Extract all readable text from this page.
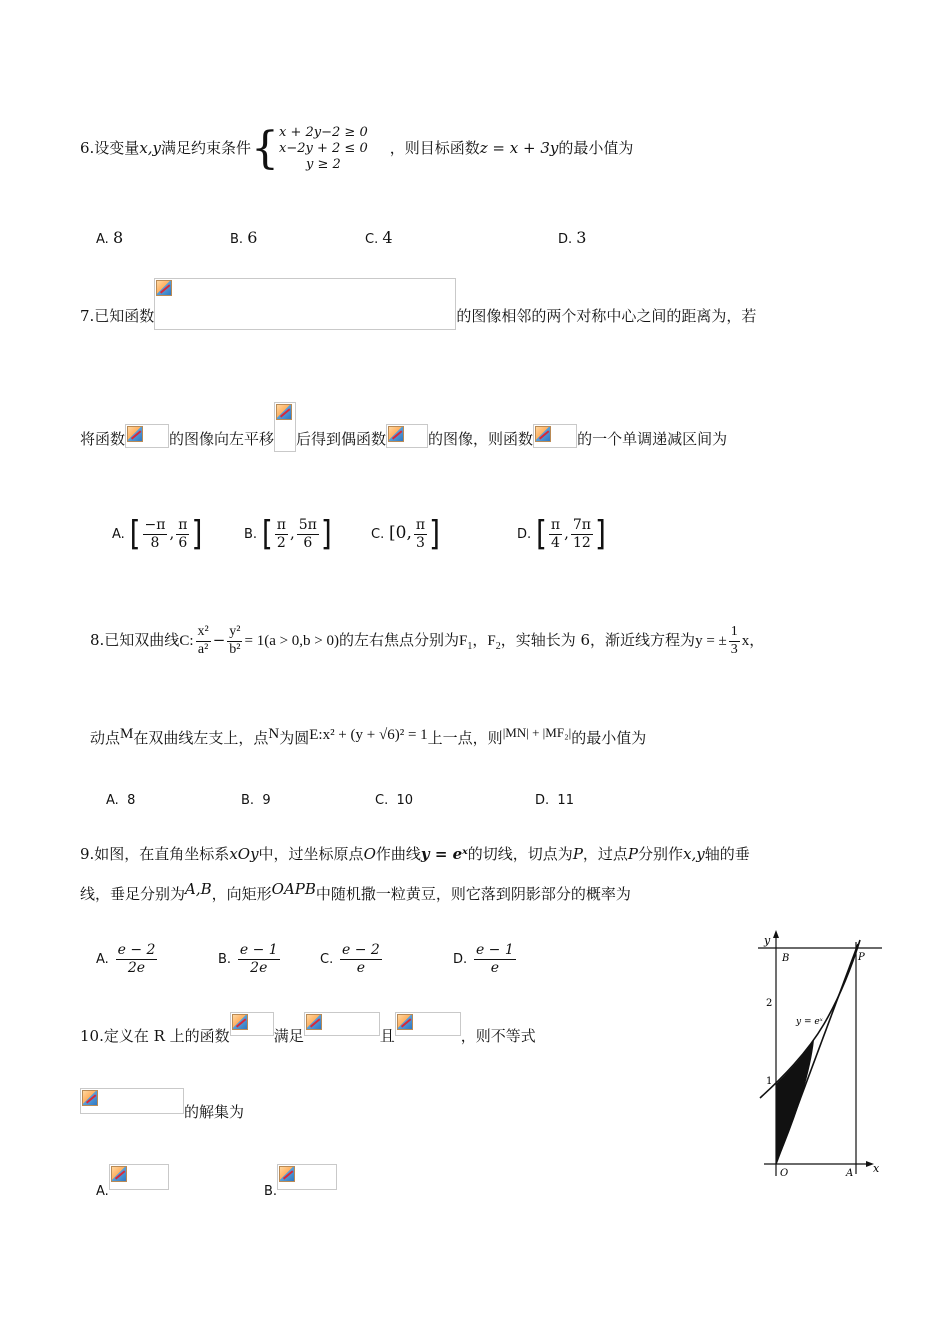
6.设变量x,y满足约束条件{ x + 2y−2 ≥ 0
x−2y + 2 ≤ 0
y ≥ 2
，则目标函数z = x + 3y的最小值为
A. 8	B. 6	C. 4	D. 3
7.已知函数	的图像相邻的两个对称中心之间的距离为，若
将函数	的图像向左平移 后得到偶函数	的图像，则函数	的一个单调递减区间为
A. [ $\frac{-\pi}{8}$ , $\frac{\pi}{6}$ ]	B. [ $\frac{\pi}{2}$ , $\frac{5\pi}{6}$ ]	C. [0, $\frac{\pi}{3}$ ]	D. [ $\frac{\pi}{4}$ , $\frac{7\pi}{12}$ ]
8.已知双曲线C: $\frac{\text{x²}}{\text{a²}} - \frac{\text{y²}}{\text{b²}} = 1(a > 0,b > 0)$的左右焦点分别为$F_1$，$F_2$，实轴长为 6，渐近线方程为y = ± $\frac{1}{3}$ x，
动点M在双曲线左支上，点N为圆E:x² + (y + √6)² = 1上一点，则|MN| + |MF₂|的最小值为
A. 8	B. 9	C. 10	D. 11
9.如图，在直角坐标系xOy中，过坐标原点O作曲线y = eˣ的切线，切点为P，过点P分别作x,y轴的垂
线，垂足分别为A,B，向矩形OAPB中随机撒一粒黄豆，则它落到阴影部分的概率为
A. $\frac{e - 2}{2e}$	B. $\frac{e - 1}{2e}$	C. $\frac{e - 2}{e}$	D. $\frac{e - 1}{e}$
y
x
B	P
2
y = eˣ
1
O	A
10.定义在 R 上的函数	满足	且	，则不等式
的解集为
A.	B.
